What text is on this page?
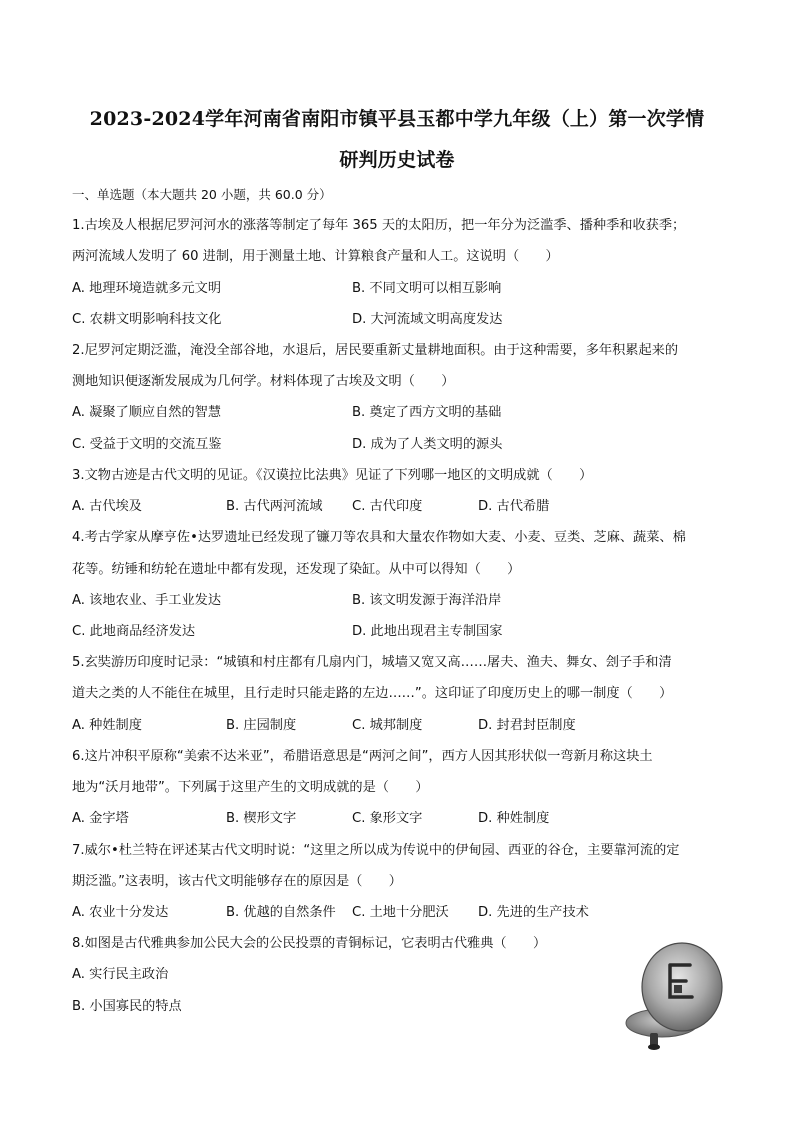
2023-2024学年河南省南阳市镇平县玉都中学九年级（上）第一次学情
研判历史试卷
一、单选题（本大题共 20 小题，共 60.0 分）
1.古埃及人根据尼罗河河水的涨落等制定了每年 365 天的太阳历，把一年分为泛滥季、播种季和收获季；
两河流域人发明了 60 进制，用于测量土地、计算粮食产量和人工。这说明（　　）
A. 地理环境造就多元文明	B. 不同文明可以相互影响
C. 农耕文明影响科技文化	D. 大河流域文明高度发达
2.尼罗河定期泛滥，淹没全部谷地，水退后，居民要重新丈量耕地面积。由于这种需要，多年积累起来的
测地知识便逐渐发展成为几何学。材料体现了古埃及文明（　　）
A. 凝聚了顺应自然的智慧	B. 奠定了西方文明的基础
C. 受益于文明的交流互鉴	D. 成为了人类文明的源头
3.文物古迹是古代文明的见证。《汉谟拉比法典》见证了下列哪一地区的文明成就（　　）
A. 古代埃及	B. 古代两河流域 C. 古代印度	D. 古代希腊
4.考古学家从摩亨佐•达罗遗址已经发现了镰刀等农具和大量农作物如大麦、小麦、豆类、芝麻、蔬菜、棉
花等。纺锤和纺轮在遗址中都有发现，还发现了染缸。从中可以得知（　　）
A. 该地农业、手工业发达	B. 该文明发源于海洋沿岸
C. 此地商品经济发达	D. 此地出现君主专制国家
5.玄奘游历印度时记录：“城镇和村庄都有几扇内门，城墙又宽又高……屠夫、渔夫、舞女、刽子手和清
道夫之类的人不能住在城里，且行走时只能走路的左边……”。这印证了印度历史上的哪一制度（　　）
A. 种姓制度	B. 庄园制度	C. 城邦制度	D. 封君封臣制度
6.这片冲积平原称“美索不达米亚”，希腊语意思是“两河之间”，西方人因其形状似一弯新月称这块土
地为“沃月地带”。下列属于这里产生的文明成就的是（　　）
A. 金字塔	B. 楔形文字	C. 象形文字	D. 种姓制度
7.威尔•杜兰特在评述某古代文明时说：“这里之所以成为传说中的伊甸园、西亚的谷仓，主要靠河流的定
期泛滥。”这表明，该古代文明能够存在的原因是（　　）
A. 农业十分发达	B. 优越的自然条件 C. 土地十分肥沃 D. 先进的生产技术
8.如图是古代雅典参加公民大会的公民投票的青铜标记，它表明古代雅典（　　）
A. 实行民主政治
B. 小国寡民的特点
